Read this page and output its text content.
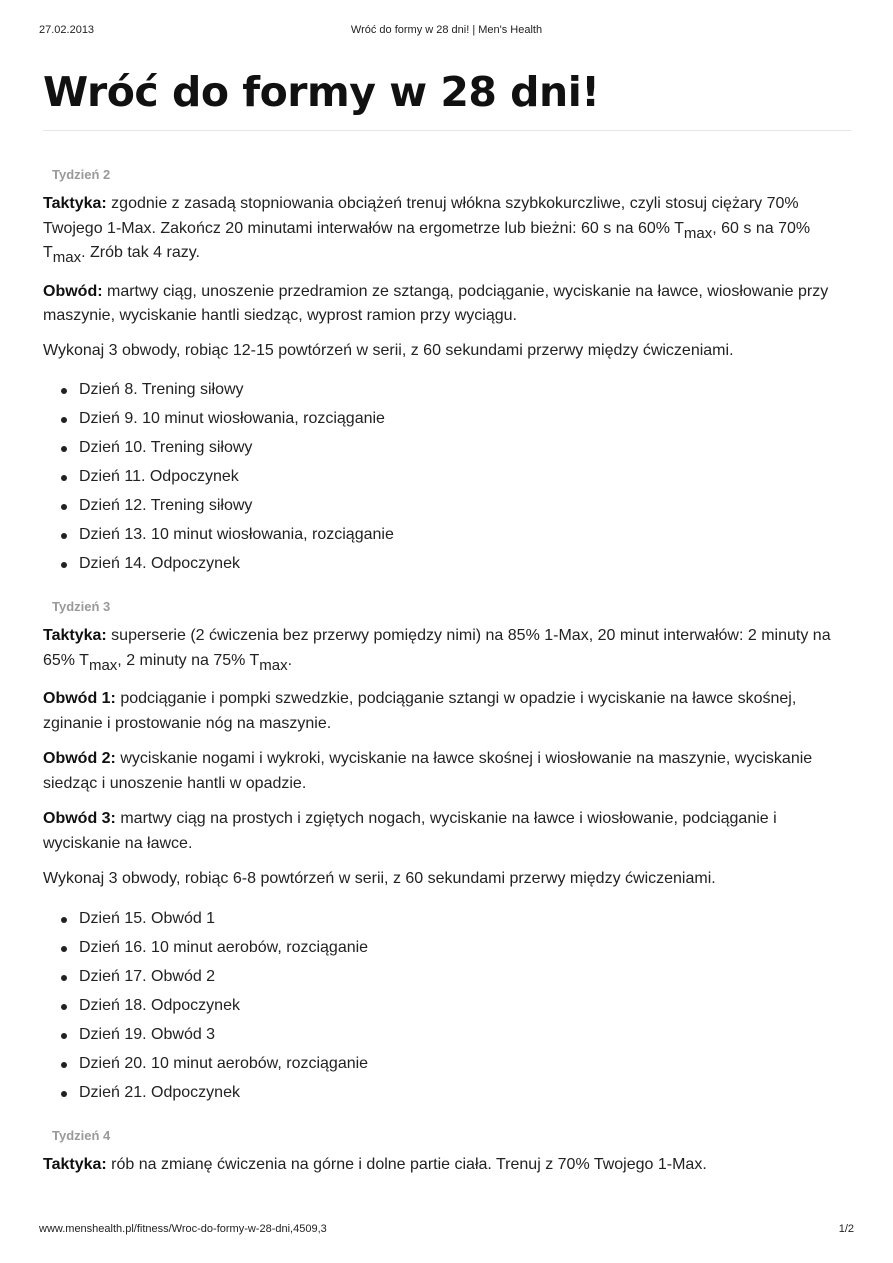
27.02.2013	Wróć do formy w 28 dni! | Men's Health
Wróć do formy w 28 dni!
Tydzień 2

Taktyka: zgodnie z zasadą stopniowania obciążeń trenuj włókna szybkokurczliwe, czyli stosuj ciężary 70% Twojego 1-Max. Zakończ 20 minutami interwałów na ergometrze lub bieżni: 60 s na 60% $T_{max}$, 60 s na 70% $T_{max}$. Zrób tak 4 razy.

Obwód: martwy ciąg, unoszenie przedramion ze sztangą, podciąganie, wyciskanie na ławce, wiosłowanie przy maszynie, wyciskanie hantli siedząc, wyprost ramion przy wyciągu.

Wykonaj 3 obwody, robiąc 12-15 powtórzeń w serii, z 60 sekundami przerwy między ćwiczeniami.

Dzień 8. Trening siłowy
Dzień 9. 10 minut wiosłowania, rozciąganie
Dzień 10. Trening siłowy
Dzień 11. Odpoczynek
Dzień 12. Trening siłowy
Dzień 13. 10 minut wiosłowania, rozciąganie
Dzień 14. Odpoczynek
Tydzień 3

Taktyka: superserie (2 ćwiczenia bez przerwy pomiędzy nimi) na 85% 1-Max, 20 minut interwałów: 2 minuty na 65% $T_{max}$, 2 minuty na 75% $T_{max}$.

Obwód 1: podciąganie i pompki szwedzkie, podciąganie sztangi w opadzie i wyciskanie na ławce skośnej, zginanie i prostowanie nóg na maszynie.

Obwód 2: wyciskanie nogami i wykroki, wyciskanie na ławce skośnej i wiosłowanie na maszynie, wyciskanie siedząc i unoszenie hantli w opadzie.

Obwód 3: martwy ciąg na prostych i zgiętych nogach, wyciskanie na ławce i wiosłowanie, podciąganie i wyciskanie na ławce.

Wykonaj 3 obwody, robiąc 6-8 powtórzeń w serii, z 60 sekundami przerwy między ćwiczeniami.

Dzień 15. Obwód 1
Dzień 16. 10 minut aerobów, rozciąganie
Dzień 17. Obwód 2
Dzień 18. Odpoczynek
Dzień 19. Obwód 3
Dzień 20. 10 minut aerobów, rozciąganie
Dzień 21. Odpoczynek
Tydzień 4

Taktyka: rób na zmianę ćwiczenia na górne i dolne partie ciała. Trenuj z 70% Twojego 1-Max.

www.menshealth.pl/fitness/Wroc-do-formy-w-28-dni,4509,3	1/2
